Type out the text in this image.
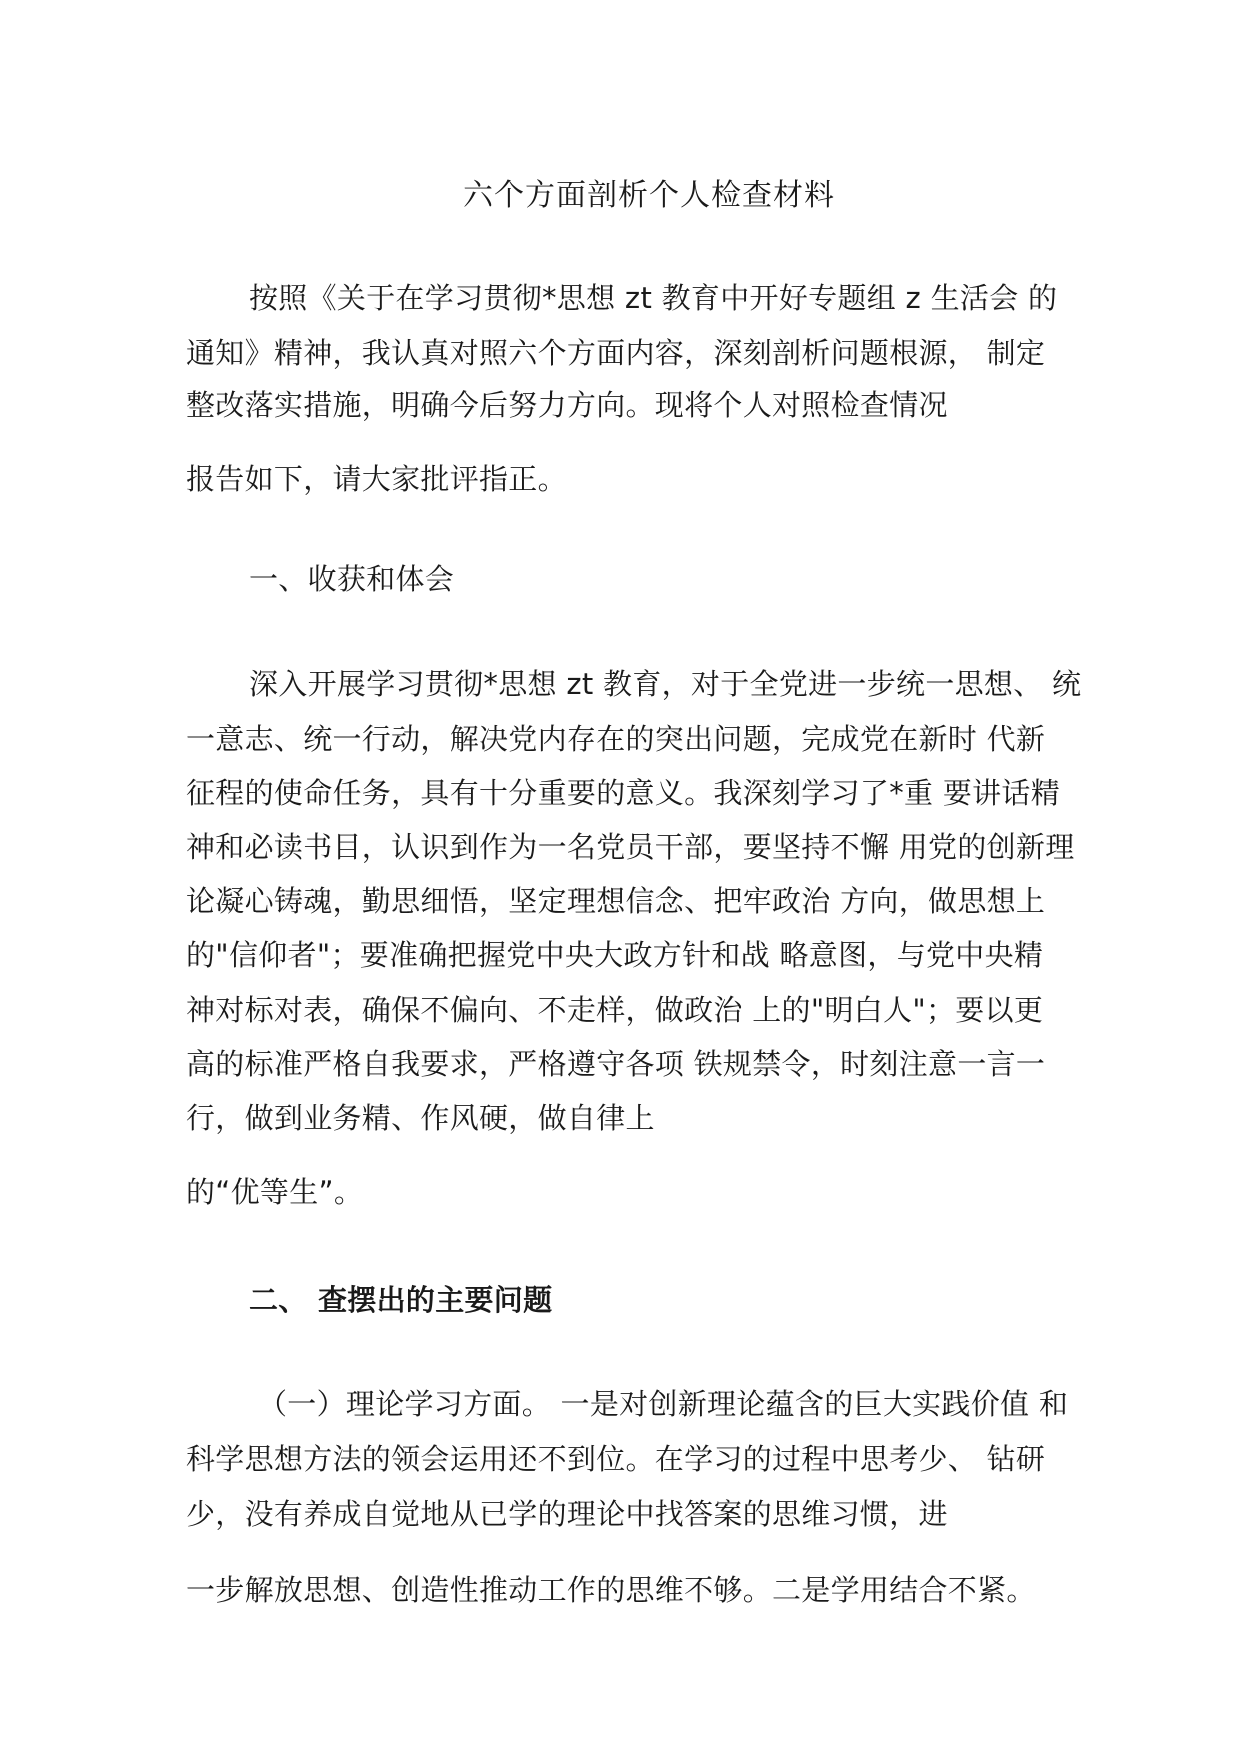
六个方面剖析个人检查材料
按照《关于在学习贯彻*思想 zt 教育中开好专题组 z 生活会 的
通知》精神，我认真对照六个方面内容，深刻剖析问题根源， 制定
整改落实措施，明确今后努力方向。现将个人对照检查情况
报告如下，请大家批评指正。
一、收获和体会
深入开展学习贯彻*思想 zt 教育，对于全党进一步统一思想、 统
一意志、统一行动，解决党内存在的突出问题，完成党在新时 代新
征程的使命任务，具有十分重要的意义。我深刻学习了*重 要讲话精
神和必读书目，认识到作为一名党员干部，要坚持不懈 用党的创新理
论凝心铸魂，勤思细悟，坚定理想信念、把牢政治 方向，做思想上
的"信仰者"；要准确把握党中央大政方针和战 略意图，与党中央精
神对标对表，确保不偏向、不走样，做政治 上的"明白人"；要以更
高的标准严格自我要求，严格遵守各项 铁规禁令，时刻注意一言一
行，做到业务精、作风硬，做自律上
的“优等生”。
二、 查摆出的主要问题
（一）理论学习方面。 一是对创新理论蕴含的巨大实践价值 和
科学思想方法的领会运用还不到位。在学习的过程中思考少、 钻研
少，没有养成自觉地从已学的理论中找答案的思维习惯，进
一步解放思想、创造性推动工作的思维不够。二是学用结合不紧。
